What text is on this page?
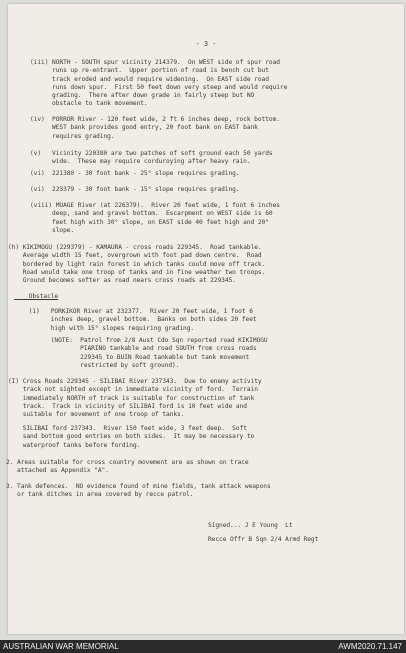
- 3 -

(iii) NORTH - SOUTH spur vicinity 214379.  On WEST side of spur road
runs up re-entrant.  Upper portion of road is bench cut but
track eroded and would require widening.  On EAST side road
runs down spur.  First 50 feet down very steep and would require
grading.  There after down grade in fairly steep but NO
obstacle to tank movement.

(iv)  PORROR River - 120 feet wide, 2 ft 6 inches deep, rock bottom.
WEST bank provides good entry, 20 foot bank on EAST bank
requires grading.

(v)   Vicinity 220380 are two patches of soft ground each 50 yards
wide.  These may require corduroying after heavy rain.

(vi)  221380 - 30 foot bank - 25° slope requires grading.

(vi)  223379 - 30 foot bank - 15° slope requires grading.

(viii) MUAGE River (at 226379).  River 20 feet wide, 1 foot 6 inches
deep, sand and gravel bottom.  Escarpment on WEST side is 60
feet high with 30° slope, on EAST side 40 feet high and 20°
slope.

(h) KIKIMOGU (229379) - KAMAURA - cross roads 229345.  Road tankable.
Average width 15 feet, overgrown with foot pad down centre.  Road
bordered by light rain forest in which tanks could move off track.
Road would take one troop of tanks and in fine weather two troops.
Ground becomes softer as road nears cross roads at 229345.

Obstacle

(i)   PORKIKOR River at 232377.  River 20 feet wide, 1 foot 6
inches deep, gravel bottom.  Banks on both sides 20 feet
high with 15° slopes requiring grading.

(NOTE:  Patrol from 2/8 Aust Cdo Sqn reported road KIKIMOGU
PIARINO tankable and road SOUTH from cross roads
229345 to BUIN Road tankable but tank movement
restricted by soft ground).

(I) Cross Roads 229345 - SILIBAI River 237343.  Due to enemy activity
track not sighted except in immediate vicinity of ford.  Terrain
immediately NORTH of track is suitable for construction of tank
track.  Track in vicinity of SILIBAI ford is 10 feet wide and
suitable for movement of one troop of tanks.

SILIBAI ford 237343.  River 150 feet wide, 3 feet deep.  Soft
sand bottom good entries on both sides.  It may be necessary to
waterproof tanks before fording.

2. Areas suitable for cross country movement are as shown on trace
attached as Appendix "A".

3. Tank defences.  NO evidence found of mine fields, tank attack weapons
or tank ditches in area covered by recce patrol.

Signed... J E Young  Lt

Recce Offr B Sqn 2/4 Armd Regt

AUSTRALIAN WAR MEMORIAL	AWM2020.71.147
